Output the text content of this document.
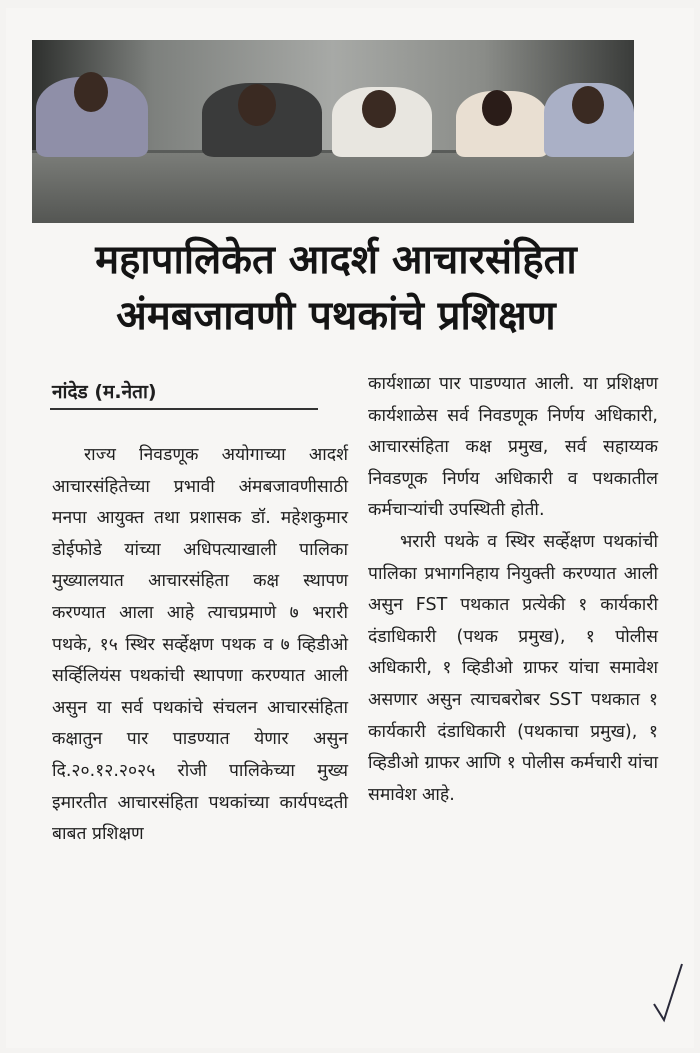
महापालिकेत आदर्श आचारसंहिता
अंमबजावणी पथकांचे प्रशिक्षण
नांदेड (म.नेता)

राज्य निवडणूक अयोगाच्या आदर्श आचारसंहितेच्या प्रभावी अंमबजावणीसाठी मनपा आयुक्त तथा प्रशासक डॉ. महेशकुमार डोईफोडे यांच्या अधिपत्याखाली पालिका मुख्यालयात आचारसंहिता कक्ष स्थापण करण्यात आला आहे त्याचप्रमाणे ७ भरारी पथके, १५ स्थिर सर्व्हेक्षण पथक व ७ व्हिडीओ सर्व्हिलियंस पथकांची स्थापणा करण्यात आली असुन या सर्व पथकांचे संचलन आचारसंहिता कक्षातुन पार पाडण्यात येणार असुन दि.२०.१२.२०२५ रोजी पालिकेच्या मुख्य इमारतीत आचारसंहिता पथकांच्या कार्यपध्दती बाबत प्रशिक्षण

कार्यशाळा पार पाडण्यात आली. या प्रशिक्षण कार्यशाळेस सर्व निवडणूक निर्णय अधिकारी, आचारसंहिता कक्ष प्रमुख, सर्व सहाय्यक निवडणूक निर्णय अधिकारी व पथकातील कर्मचाऱ्यांची उपस्थिती होती.

भरारी पथके व स्थिर सर्व्हेक्षण पथकांची पालिका प्रभागनिहाय नियुक्ती करण्यात आली असुन FST पथकात प्रत्येकी १ कार्यकारी दंडाधिकारी (पथक प्रमुख), १ पोलीस अधिकारी, १ व्हिडीओ ग्राफर यांचा समावेश असणार असुन त्याचबरोबर SST पथकात १ कार्यकारी दंडाधिकारी (पथकाचा प्रमुख), १ व्हिडीओ ग्राफर आणि १ पोलीस कर्मचारी यांचा समावेश आहे.
